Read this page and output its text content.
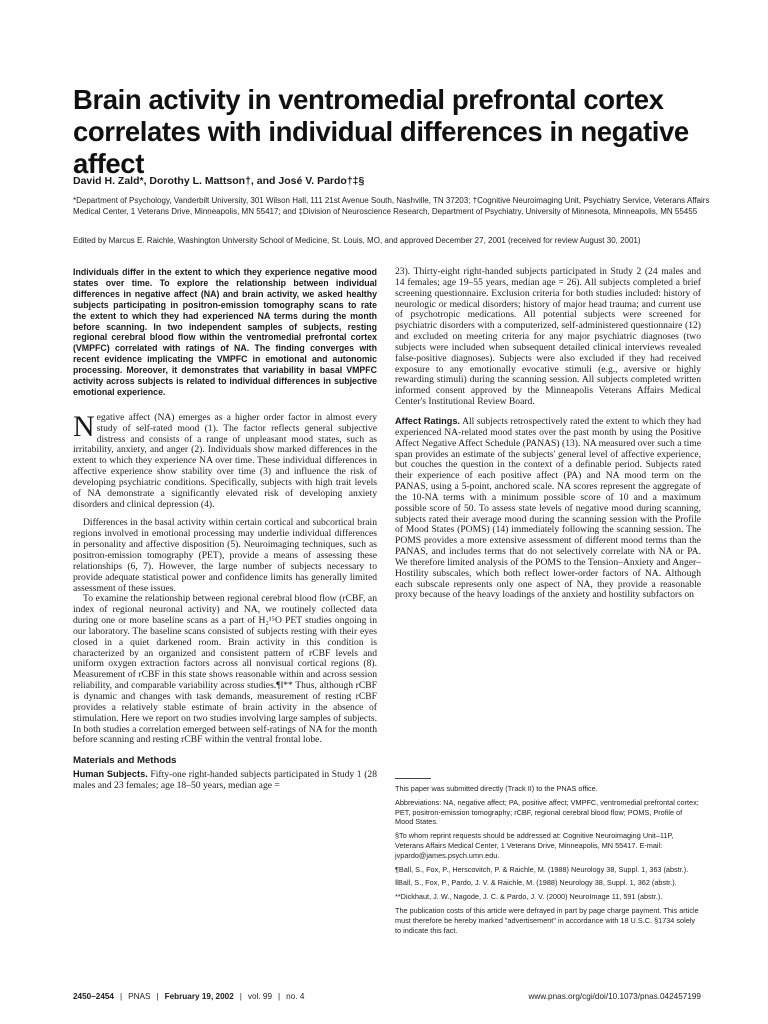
Brain activity in ventromedial prefrontal cortex correlates with individual differences in negative affect
David H. Zald*, Dorothy L. Mattson†, and José V. Pardo†‡§
*Department of Psychology, Vanderbilt University, 301 Wilson Hall, 111 21st Avenue South, Nashville, TN 37203; †Cognitive Neuroimaging Unit, Psychiatry Service, Veterans Affairs Medical Center, 1 Veterans Drive, Minneapolis, MN 55417; and ‡Division of Neuroscience Research, Department of Psychiatry, University of Minnesota, Minneapolis, MN 55455
Edited by Marcus E. Raichle, Washington University School of Medicine, St. Louis, MO, and approved December 27, 2001 (received for review August 30, 2001)

Individuals differ in the extent to which they experience negative mood states over time. To explore the relationship between individual differences in negative affect (NA) and brain activity, we asked healthy subjects participating in positron-emission tomography scans to rate the extent to which they had experienced NA terms during the month before scanning. In two independent samples of subjects, resting regional cerebral blood flow within the ventromedial prefrontal cortex (VMPFC) correlated with ratings of NA. The finding converges with recent evidence implicating the VMPFC in emotional and autonomic processing. Moreover, it demonstrates that variability in basal VMPFC activity across subjects is related to individual differences in subjective emotional experience.

Negative affect (NA) emerges as a higher order factor in almost every study of self-rated mood (1). The factor reflects general subjective distress and consists of a range of unpleasant mood states, such as irritability, anxiety, and anger (2). Individuals show marked differences in the extent to which they experience NA over time. These individual differences in affective experience show stability over time (3) and influence the risk of developing psychiatric conditions. Specifically, subjects with high trait levels of NA demonstrate a significantly elevated risk of developing anxiety disorders and clinical depression (4).

Differences in the basal activity within certain cortical and subcortical brain regions involved in emotional processing may underlie individual differences in personality and affective disposition (5). Neuroimaging techniques, such as positron-emission tomography (PET), provide a means of assessing these relationships (6, 7). However, the large number of subjects necessary to provide adequate statistical power and confidence limits has generally limited assessment of these issues.

To examine the relationship between regional cerebral blood flow (rCBF, an index of regional neuronal activity) and NA, we routinely collected data during one or more baseline scans as a part of H₂¹⁵O PET studies ongoing in our laboratory. The baseline scans consisted of subjects resting with their eyes closed in a quiet darkened room. Brain activity in this condition is characterized by an organized and consistent pattern of rCBF levels and uniform oxygen extraction factors across all nonvisual cortical regions (8). Measurement of rCBF in this state shows reasonable within and across session reliability, and comparable variability across studies.¶‖** Thus, although rCBF is dynamic and changes with task demands, measurement of resting rCBF provides a relatively stable estimate of brain activity in the absence of stimulation. Here we report on two studies involving large samples of subjects. In both studies a correlation emerged between self-ratings of NA for the month before scanning and resting rCBF within the ventral frontal lobe.

Materials and Methods

Human Subjects. Fifty-one right-handed subjects participated in Study 1 (28 males and 23 females; age 18–50 years, median age =

23). Thirty-eight right-handed subjects participated in Study 2 (24 males and 14 females; age 19–55 years, median age = 26). All subjects completed a brief screening questionnaire. Exclusion criteria for both studies included: history of neurologic or medical disorders; history of major head trauma; and current use of psychotropic medications. All potential subjects were screened for psychiatric disorders with a computerized, self-administered questionnaire (12) and excluded on meeting criteria for any major psychiatric diagnoses (two subjects were included when subsequent detailed clinical interviews revealed false-positive diagnoses). Subjects were also excluded if they had received exposure to any emotionally evocative stimuli (e.g., aversive or highly rewarding stimuli) during the scanning session. All subjects completed written informed consent approved by the Minneapolis Veterans Affairs Medical Center's Institutional Review Board.

Affect Ratings. All subjects retrospectively rated the extent to which they had experienced NA-related mood states over the past month by using the Positive Affect Negative Affect Schedule (PANAS) (13). NA measured over such a time span provides an estimate of the subjects' general level of affective experience, but couches the question in the context of a definable period. Subjects rated their experience of each positive affect (PA) and NA mood term on the PANAS, using a 5-point, anchored scale. NA scores represent the aggregate of the 10-NA terms with a minimum possible score of 10 and a maximum possible score of 50. To assess state levels of negative mood during scanning, subjects rated their average mood during the scanning session with the Profile of Mood States (POMS) (14) immediately following the scanning session. The POMS provides a more extensive assessment of different mood terms than the PANAS, and includes terms that do not selectively correlate with NA or PA. We therefore limited analysis of the POMS to the Tension–Anxiety and Anger–Hostility subscales, which both reflect lower-order factors of NA. Although each subscale represents only one aspect of NA, they provide a reasonable proxy because of the heavy loadings of the anxiety and hostility subfactors on

This paper was submitted directly (Track II) to the PNAS office.

Abbreviations: NA, negative affect; PA, positive affect; VMPFC, ventromedial prefrontal cortex; PET, positron-emission tomography; rCBF, regional cerebral blood flow; POMS, Profile of Mood States.

§To whom reprint requests should be addressed at: Cognitive Neuroimaging Unit–11P, Veterans Affairs Medical Center, 1 Veterans Drive, Minneapolis, MN 55417. E-mail: jvpardo@james.psych.umn.edu.

¶Ball, S., Fox, P., Herscovitch, P. & Raichle, M. (1988) Neurology 38, Suppl. 1, 363 (abstr.).

‖Ball, S., Fox, P., Pardo, J. V. & Raichle, M. (1988) Neurology 38, Suppl. 1, 362 (abstr.).

**Dickhaut, J. W., Nagode, J. C. & Pardo, J. V. (2000) NeuroImage 11, 591 (abstr.).

The publication costs of this article were defrayed in part by page charge payment. This article must therefore be hereby marked "advertisement" in accordance with 18 U.S.C. §1734 solely to indicate this fact.

2450–2454 | PNAS | February 19, 2002 | vol. 99 | no. 4	www.pnas.org/cgi/doi/10.1073/pnas.042457199
